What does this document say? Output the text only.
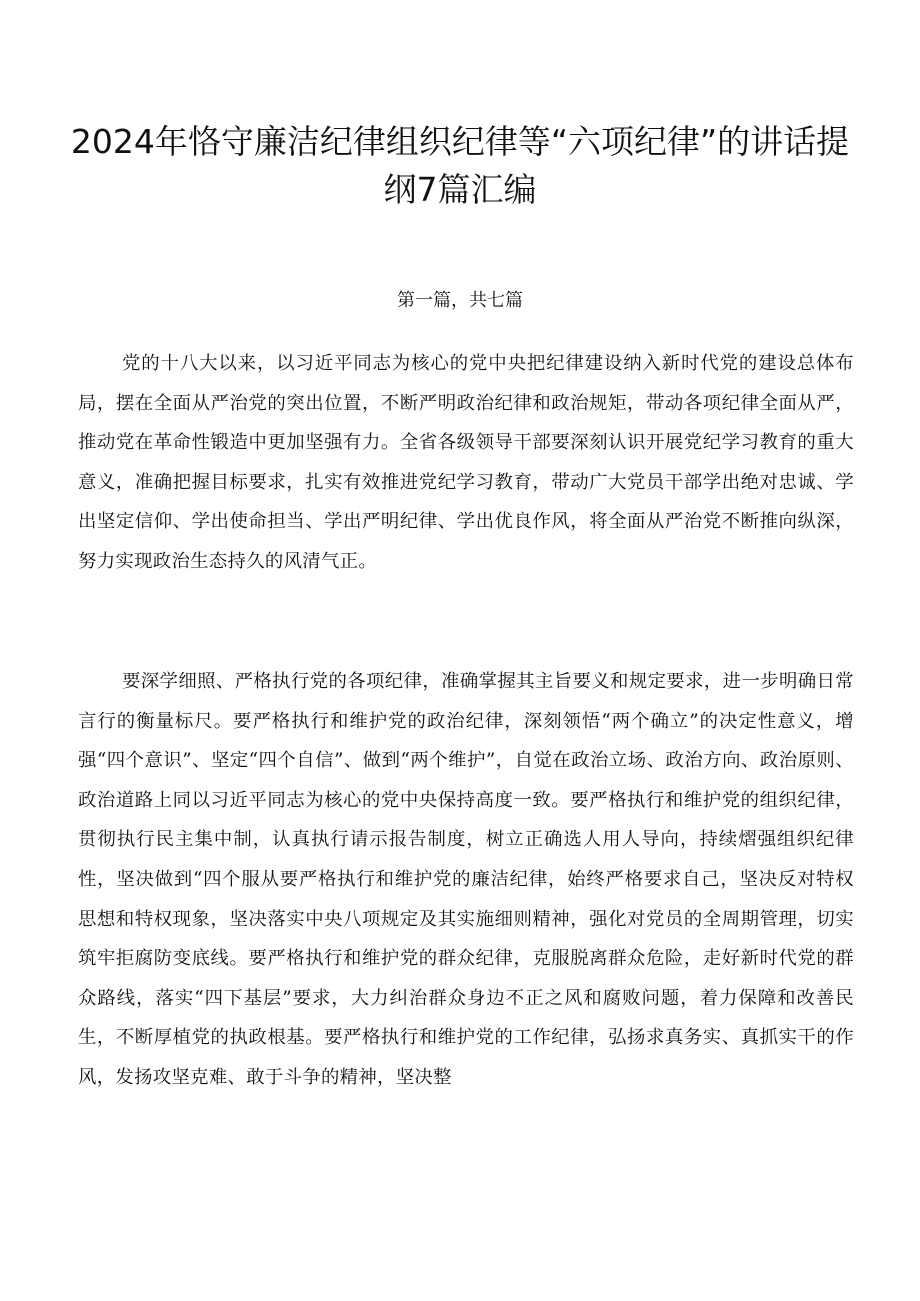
2024年恪守廉洁纪律组织纪律等“六项纪律”的讲话提纲7篇汇编
第一篇，共七篇

党的十八大以来，以习近平同志为核心的党中央把纪律建设纳入新时代党的建设总体布局，摆在全面从严治党的突出位置，不断严明政治纪律和政治规矩，带动各项纪律全面从严，推动党在革命性锻造中更加坚强有力。全省各级领导干部要深刻认识开展党纪学习教育的重大意义，准确把握目标要求，扎实有效推进党纪学习教育，带动广大党员干部学出绝对忠诚、学出坚定信仰、学出使命担当、学出严明纪律、学出优良作风，将全面从严治党不断推向纵深，努力实现政治生态持久的风清气正。

要深学细照、严格执行党的各项纪律，准确掌握其主旨要义和规定要求，进一步明确日常言行的衡量标尺。要严格执行和维护党的政治纪律，深刻领悟“两个确立”的决定性意义，增强“四个意识”、坚定“四个自信”、做到“两个维护”，自觉在政治立场、政治方向、政治原则、政治道路上同以习近平同志为核心的党中央保持高度一致。要严格执行和维护党的组织纪律，贯彻执行民主集中制，认真执行请示报告制度，树立正确选人用人导向，持续熠强组织纪律性，坚决做到“四个服从要严格执行和维护党的廉洁纪律，始终严格要求自己，坚决反对特权思想和特权现象，坚决落实中央八项规定及其实施细则精神，强化对党员的全周期管理，切实筑牢拒腐防变底线。要严格执行和维护党的群众纪律，克服脱离群众危险，走好新时代党的群众路线，落实“四下基层”要求，大力纠治群众身边不正之风和腐败问题，着力保障和改善民生，不断厚植党的执政根基。要严格执行和维护党的工作纪律，弘扬求真务实、真抓实干的作风，发扬攻坚克难、敢于斗争的精神，坚决整
